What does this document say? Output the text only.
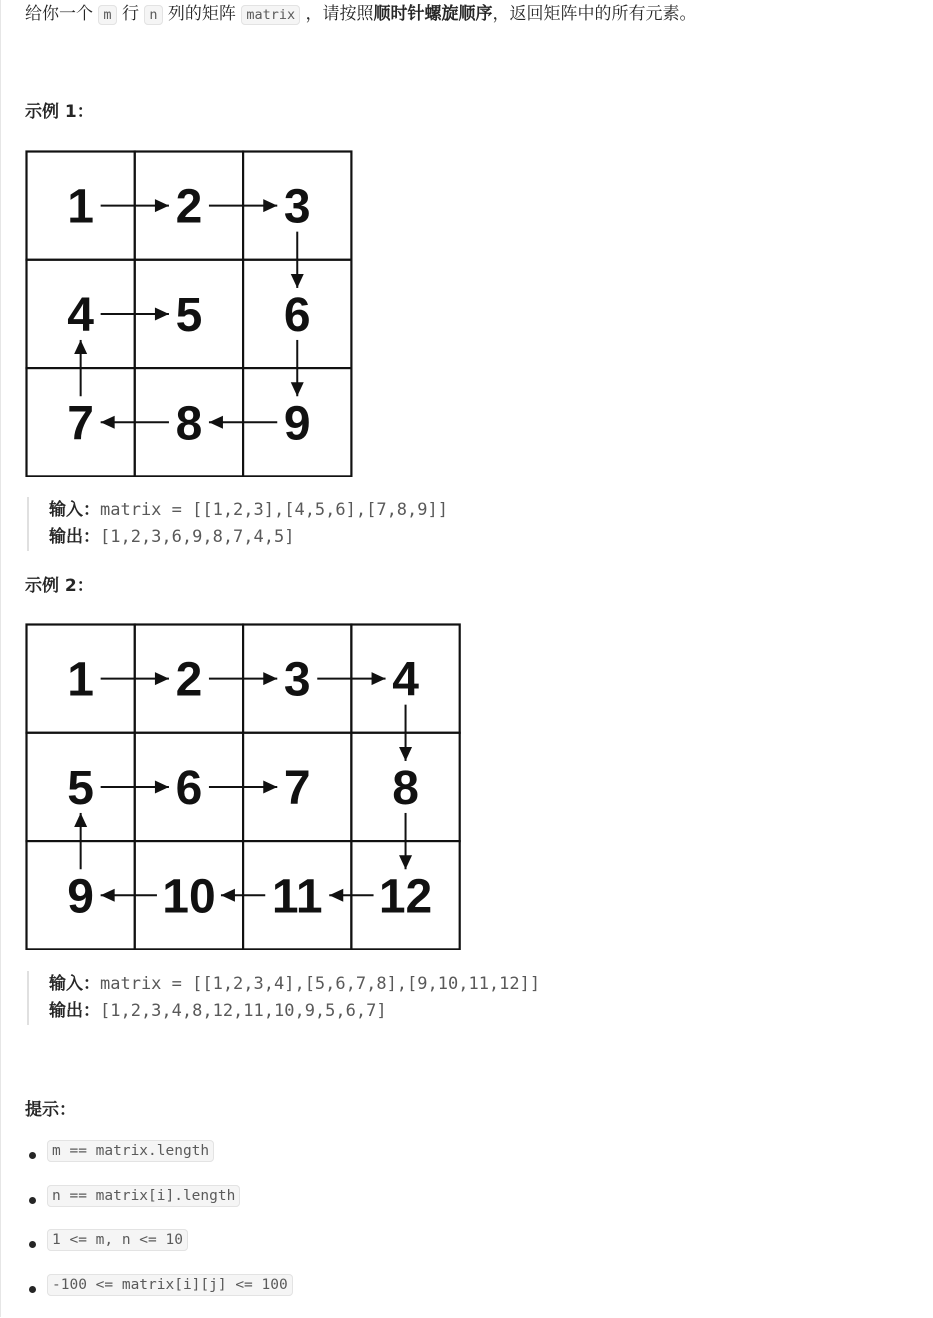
给你一个 m 行 n 列的矩阵 matrix ，请按照顺时针螺旋顺序，返回矩阵中的所有元素。
示例 1：
1 2 3
4 5 6
7 8 9
输入：matrix = [[1,2,3],[4,5,6],[7,8,9]]
输出：[1,2,3,6,9,8,7,4,5]
示例 2：
1 2 3 4
5 6 7 8
9 10 11 12
输入：matrix = [[1,2,3,4],[5,6,7,8],[9,10,11,12]]
输出：[1,2,3,4,8,12,11,10,9,5,6,7]
提示：
m == matrix.length
n == matrix[i].length
1 <= m, n <= 10
-100 <= matrix[i][j] <= 100
